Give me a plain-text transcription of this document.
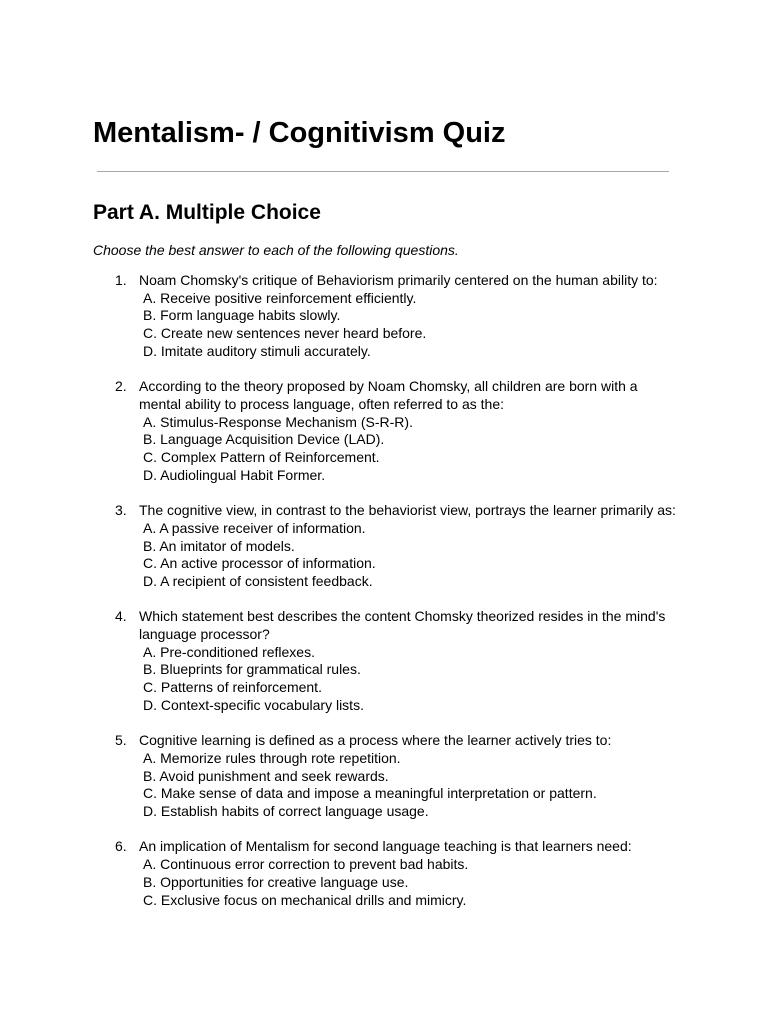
Mentalism- / Cognitivism Quiz
Part A. Multiple Choice

Choose the best answer to each of the following questions.

1. Noam Chomsky's critique of Behaviorism primarily centered on the human ability to:
A. Receive positive reinforcement efficiently.
B. Form language habits slowly.
C. Create new sentences never heard before.
D. Imitate auditory stimuli accurately.
2. According to the theory proposed by Noam Chomsky, all children are born with a mental ability to process language, often referred to as the:
A. Stimulus-Response Mechanism (S-R-R).
B. Language Acquisition Device (LAD).
C. Complex Pattern of Reinforcement.
D. Audiolingual Habit Former.
3. The cognitive view, in contrast to the behaviorist view, portrays the learner primarily as:
A. A passive receiver of information.
B. An imitator of models.
C. An active processor of information.
D. A recipient of consistent feedback.
4. Which statement best describes the content Chomsky theorized resides in the mind's language processor?
A. Pre-conditioned reflexes.
B. Blueprints for grammatical rules.
C. Patterns of reinforcement.
D. Context-specific vocabulary lists.
5. Cognitive learning is defined as a process where the learner actively tries to:
A. Memorize rules through rote repetition.
B. Avoid punishment and seek rewards.
C. Make sense of data and impose a meaningful interpretation or pattern.
D. Establish habits of correct language usage.
6. An implication of Mentalism for second language teaching is that learners need:
A. Continuous error correction to prevent bad habits.
B. Opportunities for creative language use.
C. Exclusive focus on mechanical drills and mimicry.
